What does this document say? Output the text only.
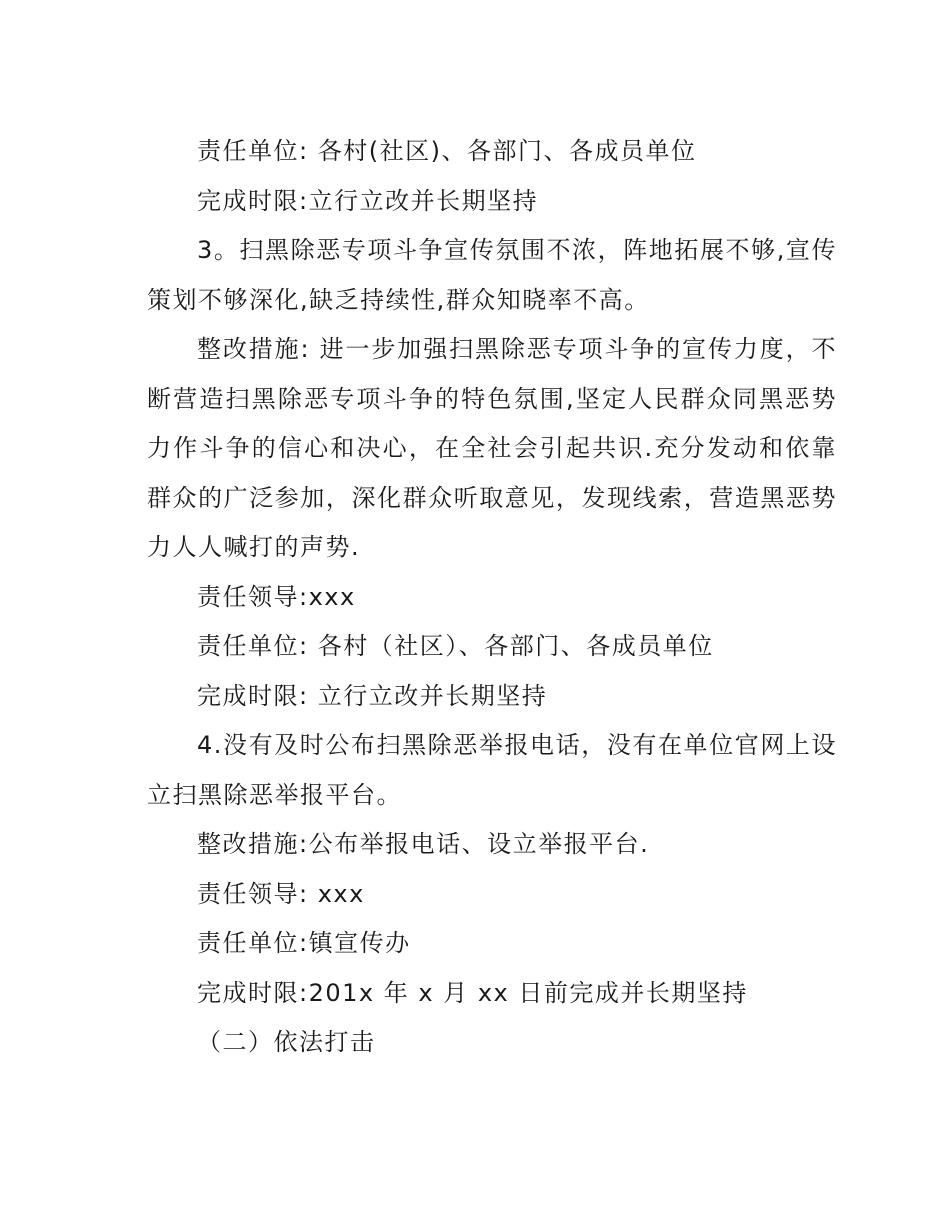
责任单位: 各村(社区)、各部门、各成员单位

完成时限:立行立改并长期坚持

3。扫黑除恶专项斗争宣传氛围不浓，阵地拓展不够,宣传策划不够深化,缺乏持续性,群众知晓率不高。

整改措施: 进一步加强扫黑除恶专项斗争的宣传力度，不断营造扫黑除恶专项斗争的特色氛围,坚定人民群众同黑恶势力作斗争的信心和决心，在全社会引起共识.充分发动和依靠群众的广泛参加，深化群众听取意见，发现线索，营造黑恶势力人人喊打的声势.

责任领导:xxx

责任单位: 各村（社区）、各部门、各成员单位

完成时限: 立行立改并长期坚持

4.没有及时公布扫黑除恶举报电话，没有在单位官网上设立扫黑除恶举报平台。

整改措施:公布举报电话、设立举报平台.

责任领导: xxx

责任单位:镇宣传办

完成时限:201x 年 x 月 xx 日前完成并长期坚持

（二）依法打击
